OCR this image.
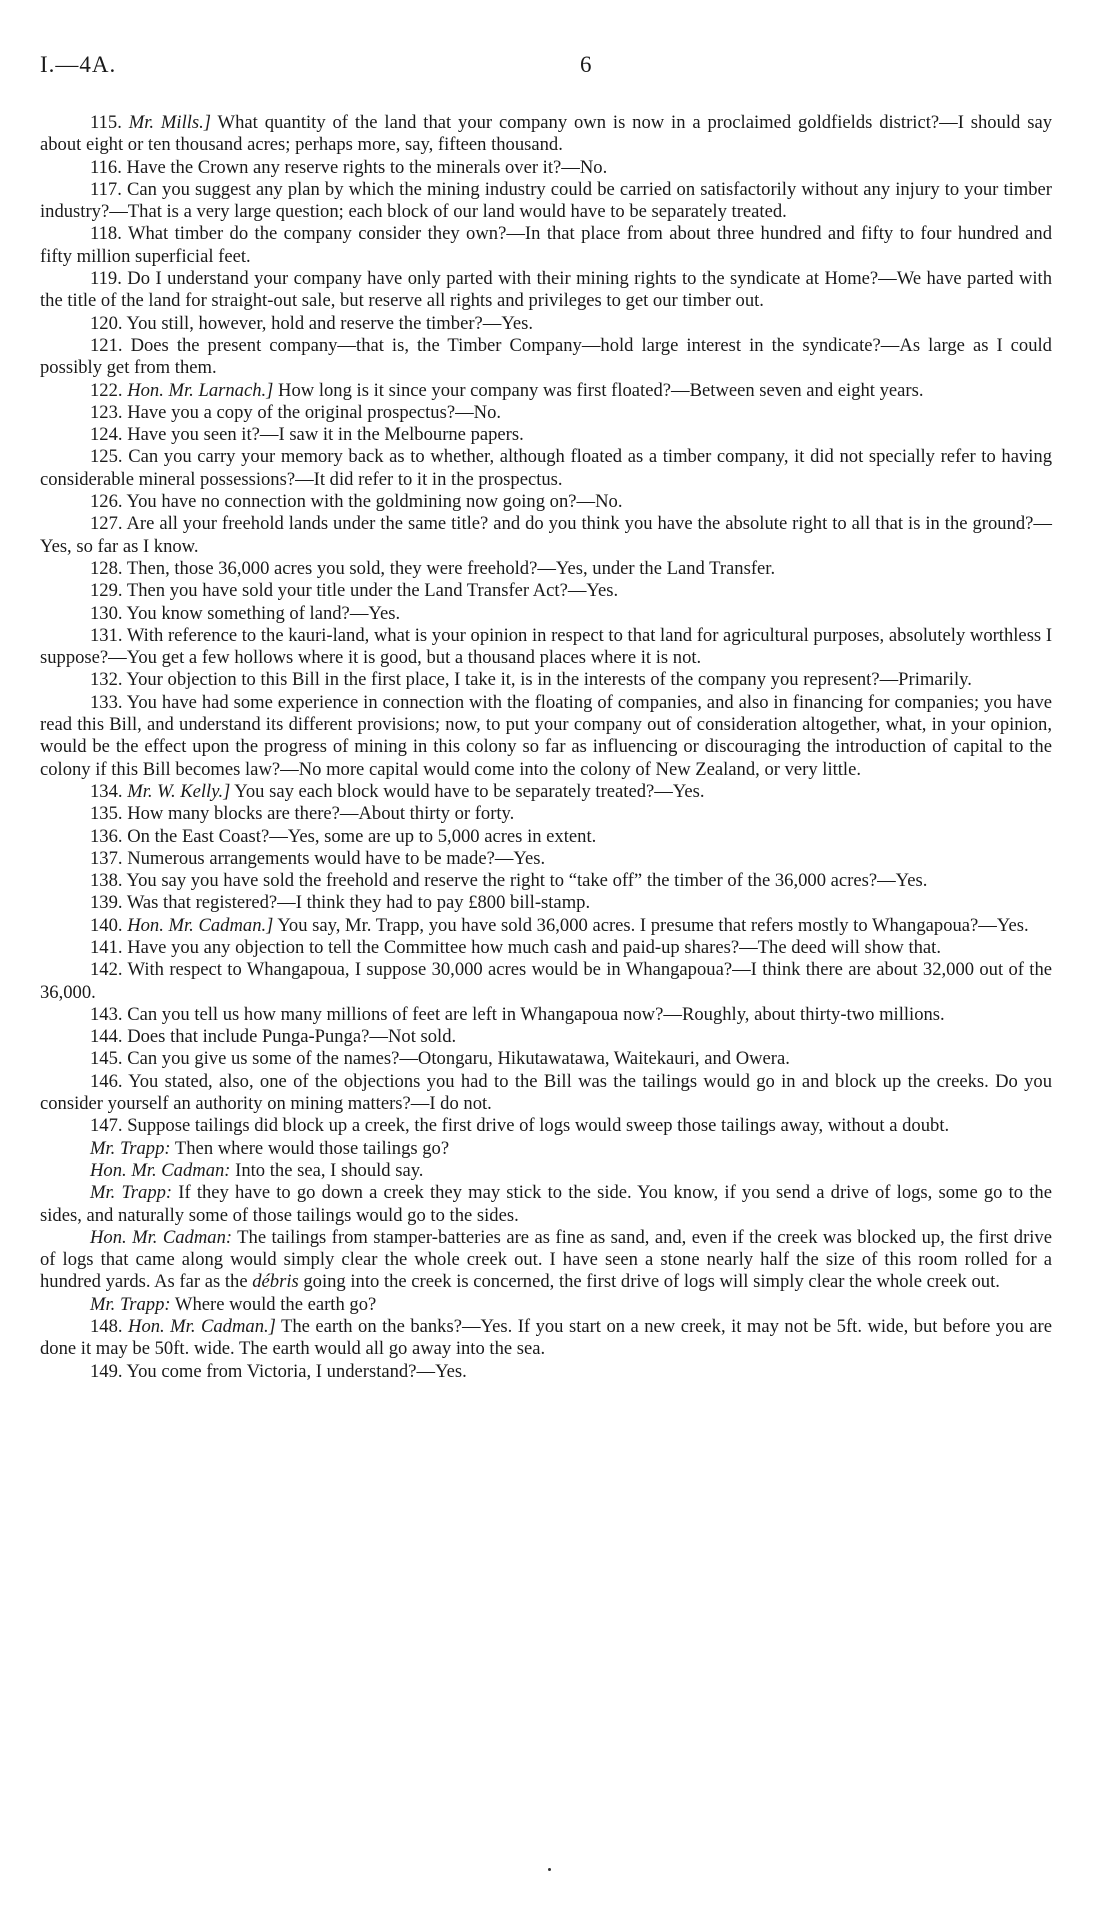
I.—4A.	6

115. Mr. Mills.] What quantity of the land that your company own is now in a proclaimed goldfields district?—I should say about eight or ten thousand acres; perhaps more, say, fifteen thousand.

116. Have the Crown any reserve rights to the minerals over it?—No.

117. Can you suggest any plan by which the mining industry could be carried on satisfactorily without any injury to your timber industry?—That is a very large question; each block of our land would have to be separately treated.

118. What timber do the company consider they own?—In that place from about three hundred and fifty to four hundred and fifty million superficial feet.

119. Do I understand your company have only parted with their mining rights to the syndicate at Home?—We have parted with the title of the land for straight-out sale, but reserve all rights and privileges to get our timber out.

120. You still, however, hold and reserve the timber?—Yes.

121. Does the present company—that is, the Timber Company—hold large interest in the syndicate?—As large as I could possibly get from them.

122. Hon. Mr. Larnach.] How long is it since your company was first floated?—Between seven and eight years.

123. Have you a copy of the original prospectus?—No.

124. Have you seen it?—I saw it in the Melbourne papers.

125. Can you carry your memory back as to whether, although floated as a timber company, it did not specially refer to having considerable mineral possessions?—It did refer to it in the prospectus.

126. You have no connection with the goldmining now going on?—No.

127. Are all your freehold lands under the same title? and do you think you have the absolute right to all that is in the ground?—Yes, so far as I know.

128. Then, those 36,000 acres you sold, they were freehold?—Yes, under the Land Transfer.

129. Then you have sold your title under the Land Transfer Act?—Yes.

130. You know something of land?—Yes.

131. With reference to the kauri-land, what is your opinion in respect to that land for agricultural purposes, absolutely worthless I suppose?—You get a few hollows where it is good, but a thousand places where it is not.

132. Your objection to this Bill in the first place, I take it, is in the interests of the company you represent?—Primarily.

133. You have had some experience in connection with the floating of companies, and also in financing for companies; you have read this Bill, and understand its different provisions; now, to put your company out of consideration altogether, what, in your opinion, would be the effect upon the progress of mining in this colony so far as influencing or discouraging the introduction of capital to the colony if this Bill becomes law?—No more capital would come into the colony of New Zealand, or very little.

134. Mr. W. Kelly.] You say each block would have to be separately treated?—Yes.

135. How many blocks are there?—About thirty or forty.

136. On the East Coast?—Yes, some are up to 5,000 acres in extent.

137. Numerous arrangements would have to be made?—Yes.

138. You say you have sold the freehold and reserve the right to “take off” the timber of the 36,000 acres?—Yes.

139. Was that registered?—I think they had to pay £800 bill-stamp.

140. Hon. Mr. Cadman.] You say, Mr. Trapp, you have sold 36,000 acres. I presume that refers mostly to Whangapoua?—Yes.

141. Have you any objection to tell the Committee how much cash and paid-up shares?—The deed will show that.

142. With respect to Whangapoua, I suppose 30,000 acres would be in Whangapoua?—I think there are about 32,000 out of the 36,000.

143. Can you tell us how many millions of feet are left in Whangapoua now?—Roughly, about thirty-two millions.

144. Does that include Punga-Punga?—Not sold.

145. Can you give us some of the names?—Otongaru, Hikutawatawa, Waitekauri, and Owera.

146. You stated, also, one of the objections you had to the Bill was the tailings would go in and block up the creeks. Do you consider yourself an authority on mining matters?—I do not.

147. Suppose tailings did block up a creek, the first drive of logs would sweep those tailings away, without a doubt.

Mr. Trapp: Then where would those tailings go?

Hon. Mr. Cadman: Into the sea, I should say.

Mr. Trapp: If they have to go down a creek they may stick to the side. You know, if you send a drive of logs, some go to the sides, and naturally some of those tailings would go to the sides.

Hon. Mr. Cadman: The tailings from stamper-batteries are as fine as sand, and, even if the creek was blocked up, the first drive of logs that came along would simply clear the whole creek out. I have seen a stone nearly half the size of this room rolled for a hundred yards. As far as the débris going into the creek is concerned, the first drive of logs will simply clear the whole creek out.

Mr. Trapp: Where would the earth go?

148. Hon. Mr. Cadman.] The earth on the banks?—Yes. If you start on a new creek, it may not be 5ft. wide, but before you are done it may be 50ft. wide. The earth would all go away into the sea.

149. You come from Victoria, I understand?—Yes.
